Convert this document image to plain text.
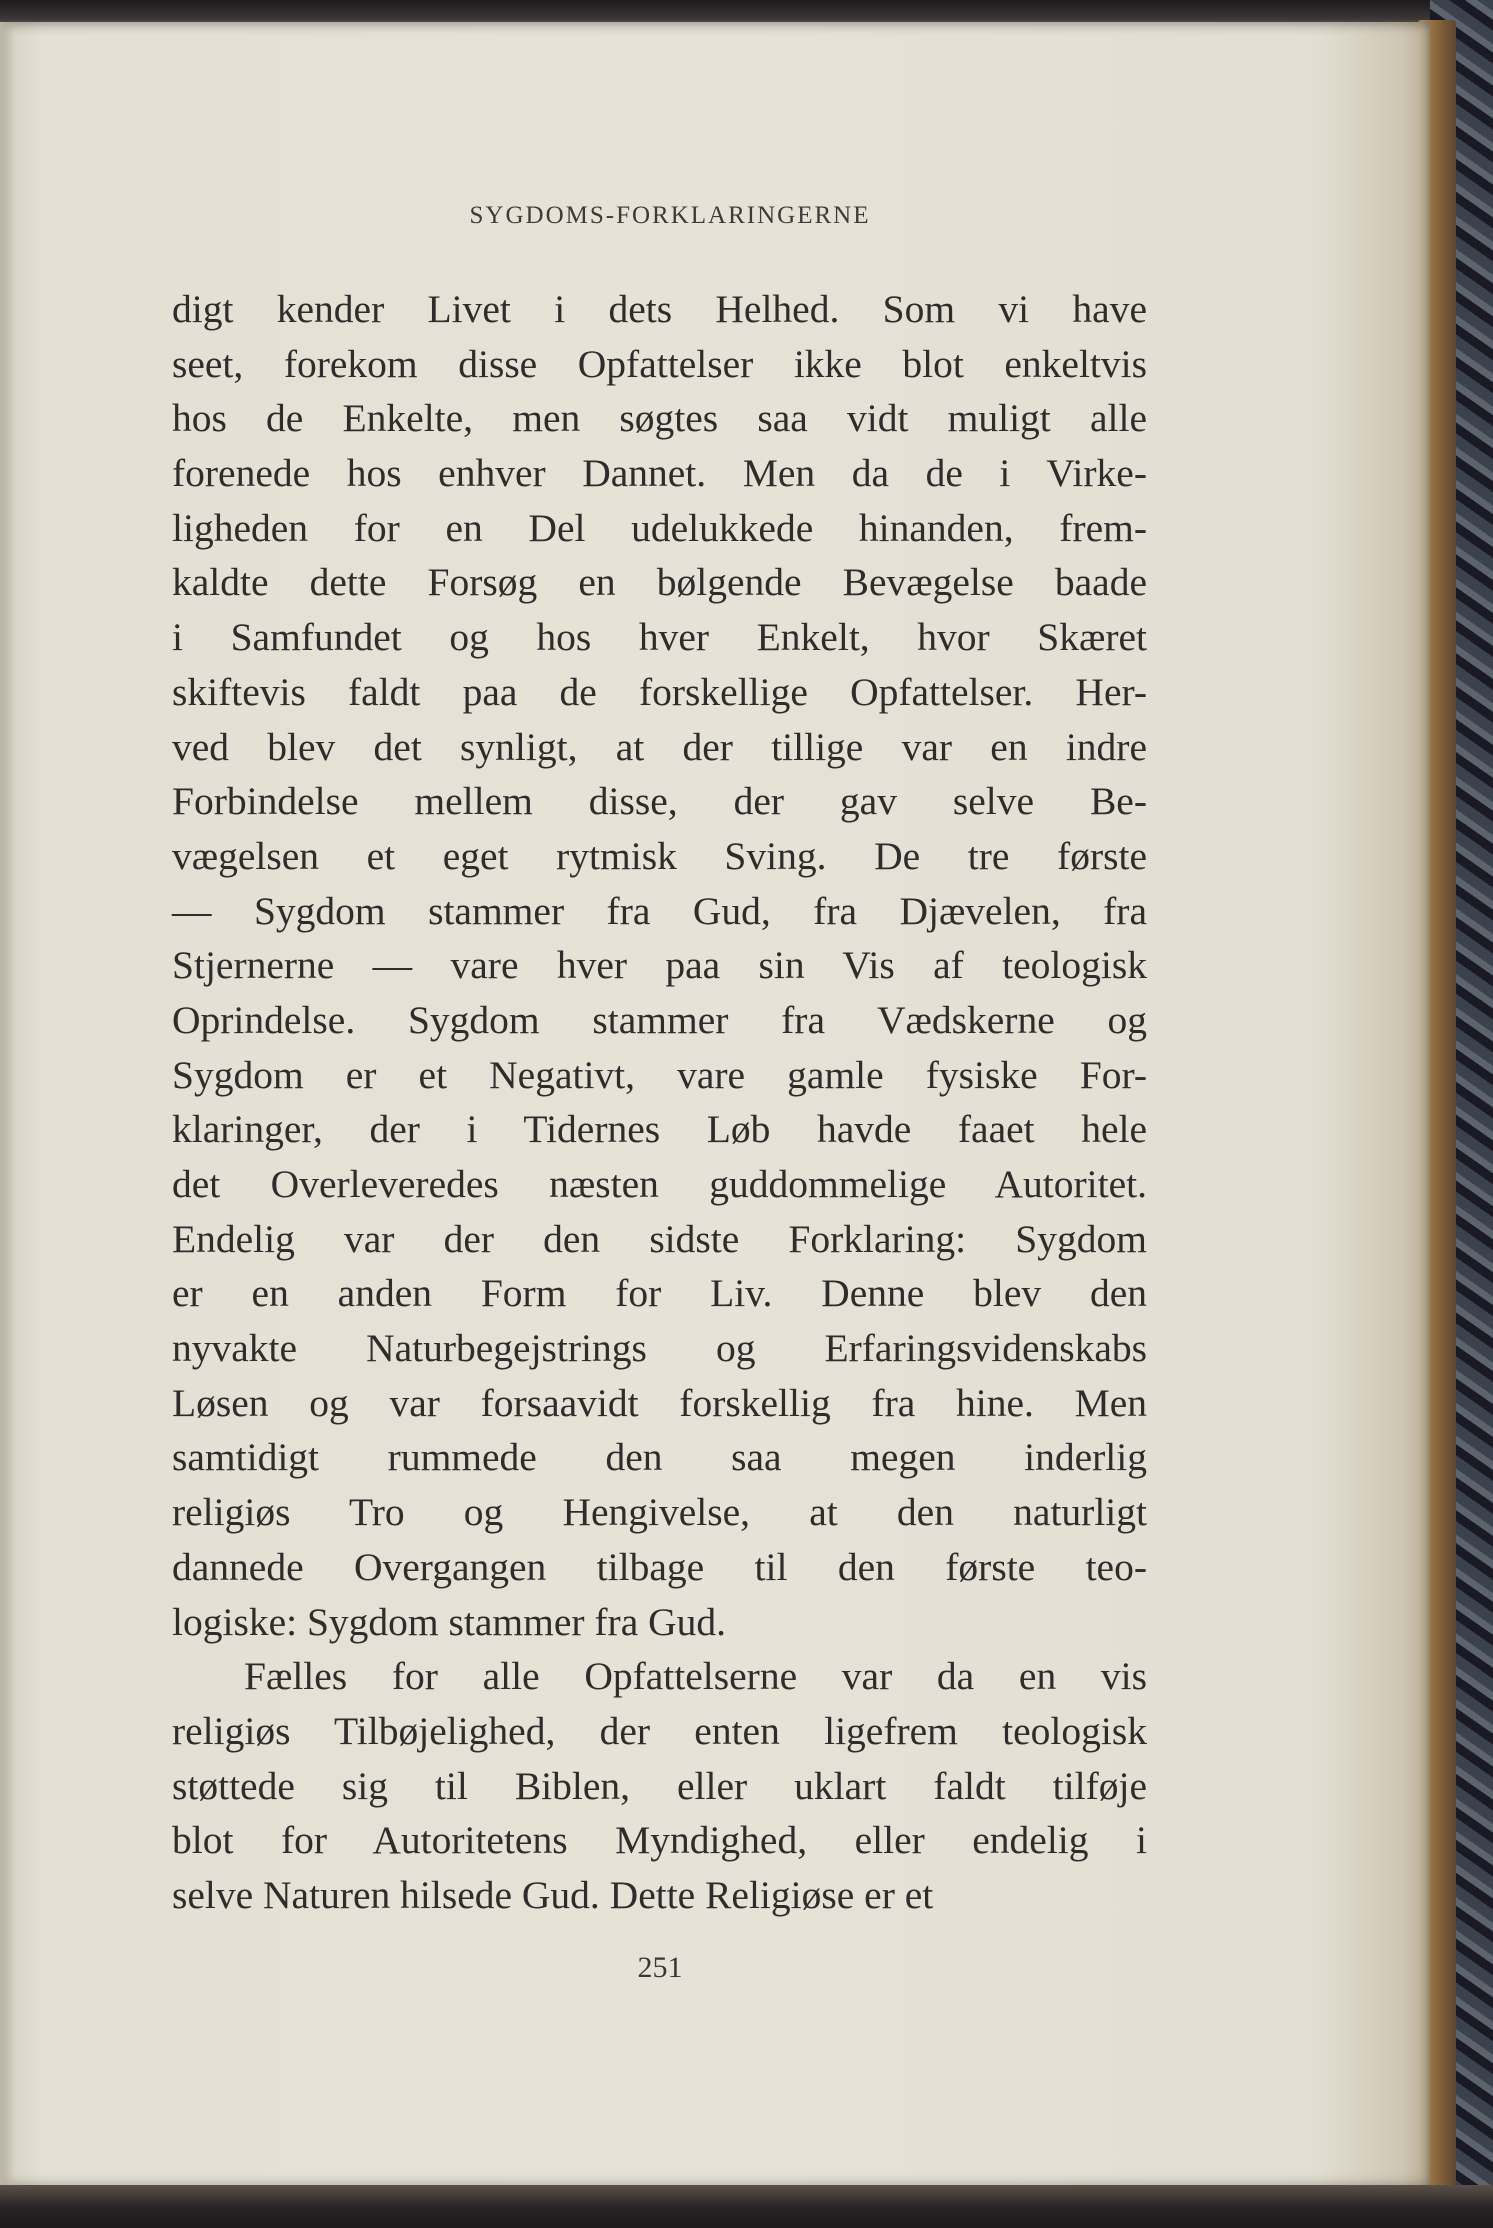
SYGDOMS-FORKLARINGERNE
digt kender Livet i dets Helhed. Som vi have
seet, forekom disse Opfattelser ikke blot enkeltvis
hos de Enkelte, men søgtes saa vidt muligt alle
forenede hos enhver Dannet. Men da de i Virke-
ligheden for en Del udelukkede hinanden, frem-
kaldte dette Forsøg en bølgende Bevægelse baade
i Samfundet og hos hver Enkelt, hvor Skæret
skiftevis faldt paa de forskellige Opfattelser. Her-
ved blev det synligt, at der tillige var en indre
Forbindelse mellem disse, der gav selve Be-
vægelsen et eget rytmisk Sving. De tre første
— Sygdom stammer fra Gud, fra Djævelen, fra
Stjernerne — vare hver paa sin Vis af teologisk
Oprindelse. Sygdom stammer fra Vædskerne og
Sygdom er et Negativt, vare gamle fysiske For-
klaringer, der i Tidernes Løb havde faaet hele
det Overleveredes næsten guddommelige Autoritet.
Endelig var der den sidste Forklaring: Sygdom
er en anden Form for Liv. Denne blev den
nyvakte Naturbegejstrings og Erfaringsvidenskabs
Løsen og var forsaavidt forskellig fra hine. Men
samtidigt rummede den saa megen inderlig
religiøs Tro og Hengivelse, at den naturligt
dannede Overgangen tilbage til den første teo-
logiske: Sygdom stammer fra Gud.
Fælles for alle Opfattelserne var da en vis
religiøs Tilbøjelighed, der enten ligefrem teologisk
støttede sig til Biblen, eller uklart faldt tilføje
blot for Autoritetens Myndighed, eller endelig i
selve Naturen hilsede Gud. Dette Religiøse er et
251
